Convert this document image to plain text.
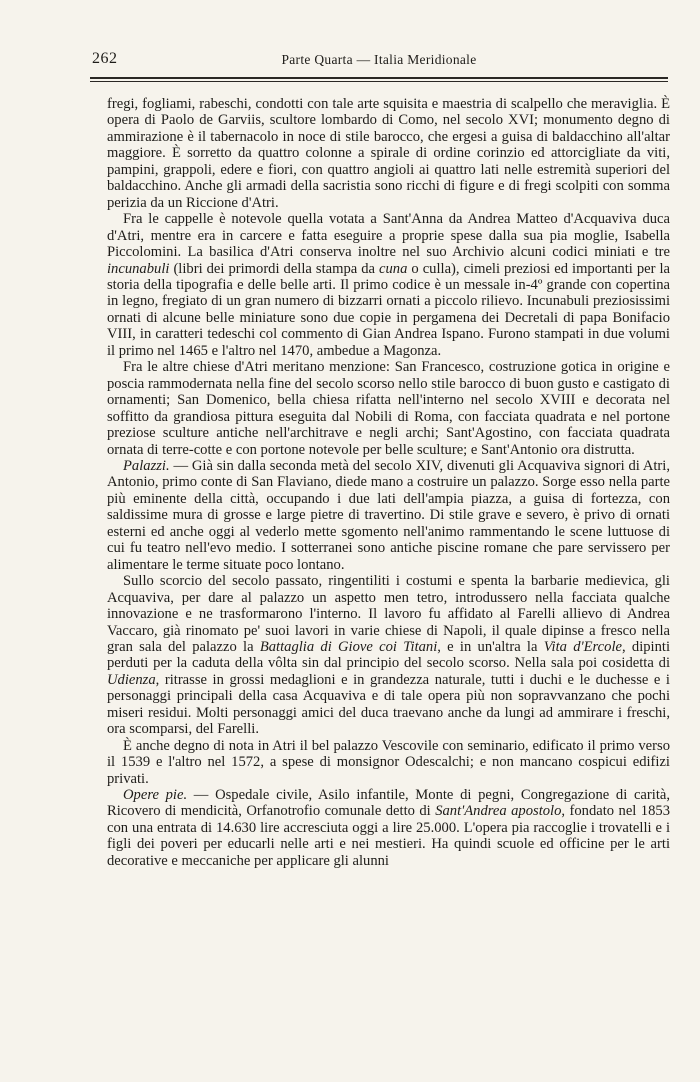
262	Parte Quarta — Italia Meridionale

fregi, fogliami, rabeschi, condotti con tale arte squisita e maestria di scalpello che meraviglia. È opera di Paolo de Garviis, scultore lombardo di Como, nel secolo XVI; monumento degno di ammirazione è il tabernacolo in noce di stile barocco, che ergesi a guisa di baldacchino all'altar maggiore. È sorretto da quattro colonne a spirale di ordine corinzio ed attorcigliate da viti, pampini, grappoli, edere e fiori, con quattro angioli ai quattro lati nelle estremità superiori del baldacchino. Anche gli armadi della sacristia sono ricchi di figure e di fregi scolpiti con somma perizia da un Riccione d'Atri.

Fra le cappelle è notevole quella votata a Sant'Anna da Andrea Matteo d'Acquaviva duca d'Atri, mentre era in carcere e fatta eseguire a proprie spese dalla sua pia moglie, Isabella Piccolomini. La basilica d'Atri conserva inoltre nel suo Archivio alcuni codici miniati e tre incunabuli (libri dei primordi della stampa da cuna o culla), cimeli preziosi ed importanti per la storia della tipografia e delle belle arti. Il primo codice è un messale in-4º grande con copertina in legno, fregiato di un gran numero di bizzarri ornati a piccolo rilievo. Incunabuli preziosissimi ornati di alcune belle miniature sono due copie in pergamena dei Decretali di papa Bonifacio VIII, in caratteri tedeschi col commento di Gian Andrea Ispano. Furono stampati in due volumi il primo nel 1465 e l'altro nel 1470, ambedue a Magonza.

Fra le altre chiese d'Atri meritano menzione: San Francesco, costruzione gotica in origine e poscia rammodernata nella fine del secolo scorso nello stile barocco di buon gusto e castigato di ornamenti; San Domenico, bella chiesa rifatta nell'interno nel secolo XVIII e decorata nel soffitto da grandiosa pittura eseguita dal Nobili di Roma, con facciata quadrata e nel portone preziose sculture antiche nell'architrave e negli archi; Sant'Agostino, con facciata quadrata ornata di terre-cotte e con portone notevole per belle sculture; e Sant'Antonio ora distrutta.

Palazzi. — Già sin dalla seconda metà del secolo XIV, divenuti gli Acquaviva signori di Atri, Antonio, primo conte di San Flaviano, diede mano a costruire un palazzo. Sorge esso nella parte più eminente della città, occupando i due lati dell'ampia piazza, a guisa di fortezza, con saldissime mura di grosse e large pietre di travertino. Di stile grave e severo, è privo di ornati esterni ed anche oggi al vederlo mette sgomento nell'animo rammentando le scene luttuose di cui fu teatro nell'evo medio. I sotterranei sono antiche piscine romane che pare servissero per alimentare le terme situate poco lontano.

Sullo scorcio del secolo passato, ringentiliti i costumi e spenta la barbarie medievica, gli Acquaviva, per dare al palazzo un aspetto men tetro, introdussero nella facciata qualche innovazione e ne trasformarono l'interno. Il lavoro fu affidato al Farelli allievo di Andrea Vaccaro, già rinomato pe' suoi lavori in varie chiese di Napoli, il quale dipinse a fresco nella gran sala del palazzo la Battaglia di Giove coi Titani, e in un'altra la Vita d'Ercole, dipinti perduti per la caduta della vôlta sin dal principio del secolo scorso. Nella sala poi cosidetta di Udienza, ritrasse in grossi medaglioni e in grandezza naturale, tutti i duchi e le duchesse e i personaggi principali della casa Acquaviva e di tale opera più non sopravvanzano che pochi miseri residui. Molti personaggi amici del duca traevano anche da lungi ad ammirare i freschi, ora scomparsi, del Farelli.

È anche degno di nota in Atri il bel palazzo Vescovile con seminario, edificato il primo verso il 1539 e l'altro nel 1572, a spese di monsignor Odescalchi; e non mancano cospicui edifizi privati.

Opere pie. — Ospedale civile, Asilo infantile, Monte di pegni, Congregazione di carità, Ricovero di mendicità, Orfanotrofio comunale detto di Sant'Andrea apostolo, fondato nel 1853 con una entrata di 14.630 lire accresciuta oggi a lire 25.000. L'opera pia raccoglie i trovatelli e i figli dei poveri per educarli nelle arti e nei mestieri. Ha quindi scuole ed officine per le arti decorative e meccaniche per applicare gli alunni
